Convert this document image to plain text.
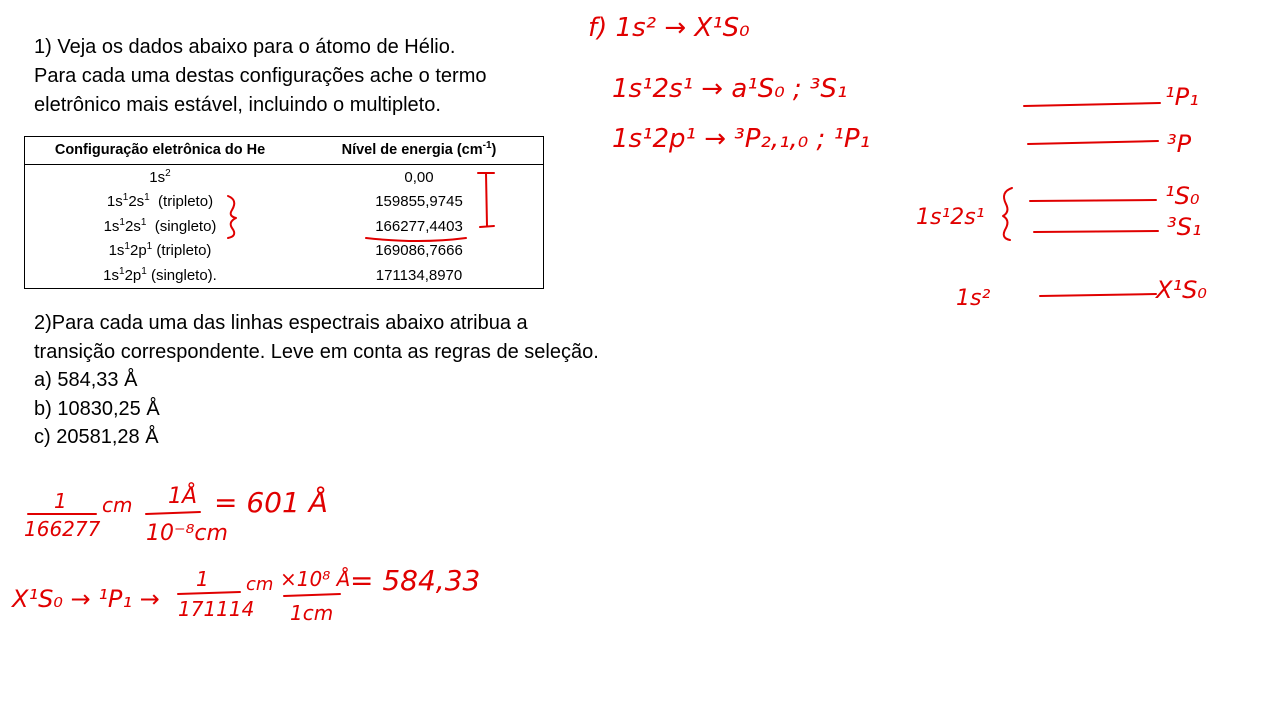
1) Veja os dados abaixo para o átomo de Hélio.
Para cada uma destas configurações ache o termo
eletrônico mais estável, incluindo o multipleto.
Configuração eletrônica do He	Nível de energia $(cm^{-1})$
$1s^2$	0,00
$1s^12s^1$  (tripleto)	159855,9745
$1s^12s^1$  (singleto)	166277,4403
$1s^12p^1$ (tripleto)	169086,7666
$1s^12p^1$ (singleto).	171134,8970
2)Para cada uma das linhas espectrais abaixo atribua a
transição correspondente. Leve em conta as regras de seleção.
a) 584,33 Å
b) 10830,25 Å
c) 20581,28 Å
f) 1s² → X¹S₀
1s¹2s¹ → a¹S₀ ; ³S₁
1s¹2p¹ → ³P₂,₁,₀ ; ¹P₁
¹P₁
³P
¹S₀
³S₁
1s¹2s¹
X¹S₀
1s²
1
166277
cm 1Å
10⁻⁸cm
= 601 Å
X¹S₀ → ¹P₁ →
1
171114
cm ×10⁸ Å
1cm
= 584,33
